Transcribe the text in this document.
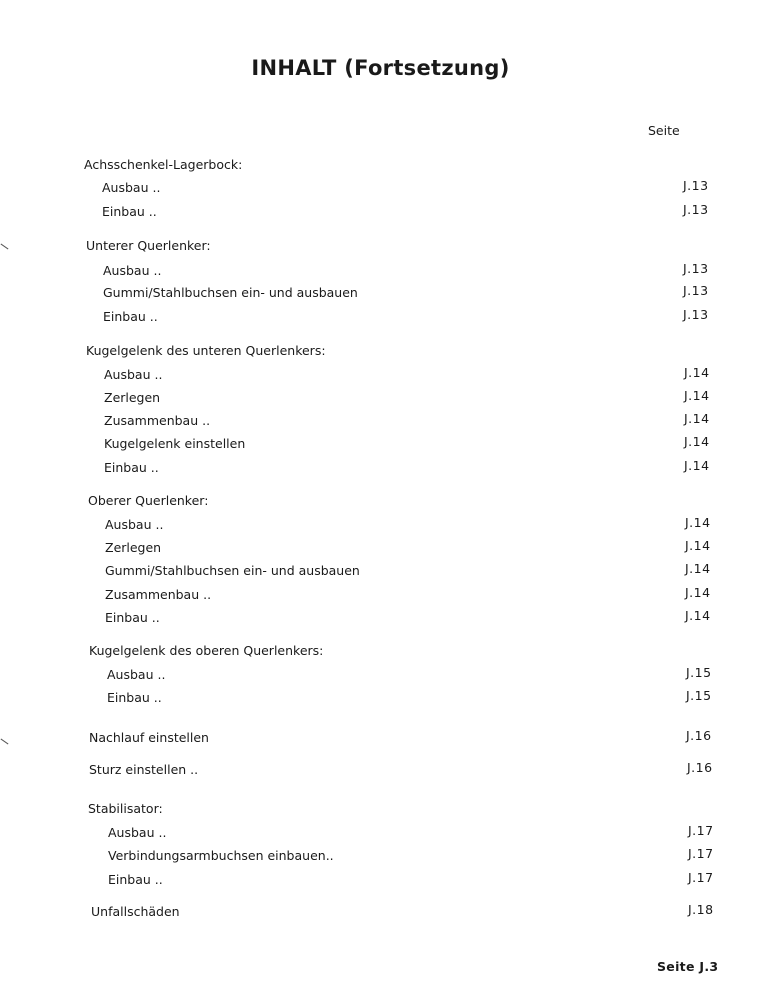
INHALT (Fortsetzung)
Seite
Achsschenkel-Lagerbock:
Ausbau ..	J.13
Einbau ..	J.13
Unterer Querlenker:
Ausbau ..	J.13
Gummi/Stahlbuchsen ein- und ausbauen	J.13
Einbau ..	J.13
Kugelgelenk des unteren Querlenkers:
Ausbau ..	J.14
Zerlegen	J.14
Zusammenbau ..	J.14
Kugelgelenk einstellen	J.14
Einbau ..	J.14
Oberer Querlenker:
Ausbau ..	J.14
Zerlegen	J.14
Gummi/Stahlbuchsen ein- und ausbauen	J.14
Zusammenbau ..	J.14
Einbau ..	J.14
Kugelgelenk des oberen Querlenkers:
Ausbau ..	J.15
Einbau ..	J.15
Nachlauf einstellen	J.16
Sturz einstellen ..	J.16
Stabilisator:
Ausbau ..	J.17
Verbindungsarmbuchsen einbauen..	J.17
Einbau ..	J.17
Unfallschäden	J.18
Seite J.3
